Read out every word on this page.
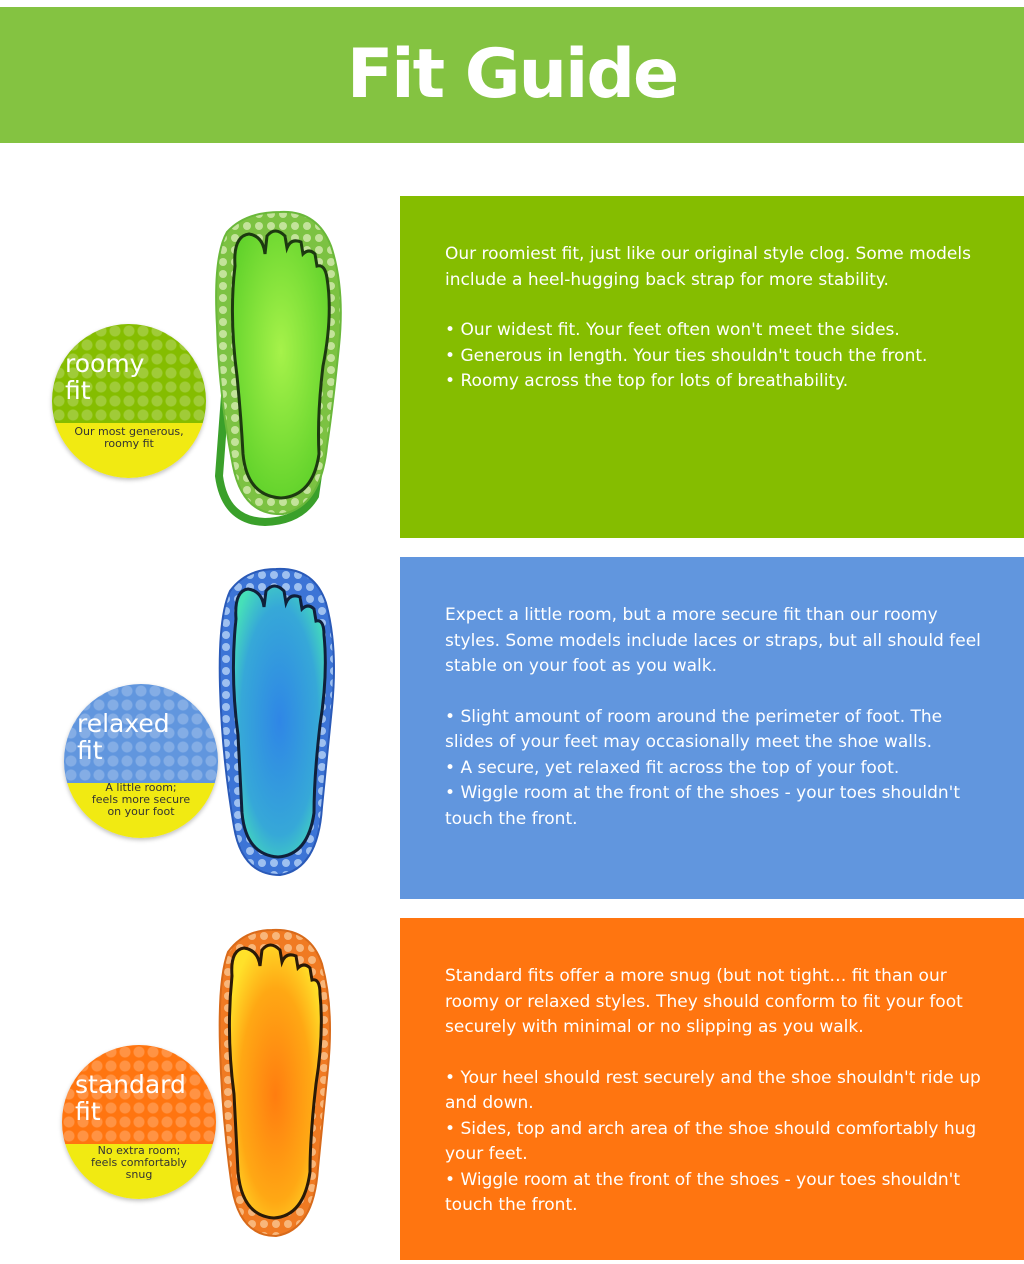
Fit Guide
roomy
fit
Our most generous,
roomy fit

Our roomiest fit, just like our original style clog. Some models include a heel-hugging back strap for more stability.

• Our widest fit. Your feet often won't meet the sides.
• Generous in length. Your ties shouldn't touch the front.
• Roomy across the top for lots of breathability.
relaxed
fit
A little room;
feels more secure
on your foot

Expect a little room, but a more secure fit than our roomy styles. Some models include laces or straps, but all should feel stable on your foot as you walk.

• Slight amount of room around the perimeter of foot. The slides of your feet may occasionally meet the shoe walls.
• A secure, yet relaxed fit across the top of your foot.
• Wiggle room at the front of the shoes - your toes shouldn't touch the front.
standard
fit
No extra room;
feels comfortably
snug

Standard fits offer a more snug (but not tight… fit than our roomy or relaxed styles. They should conform to fit your foot securely with minimal or no slipping as you walk.

• Your heel should rest securely and the shoe shouldn't ride up and down.
• Sides, top and arch area of the shoe should comfortably hug your feet.
• Wiggle room at the front of the shoes - your toes shouldn't touch the front.
